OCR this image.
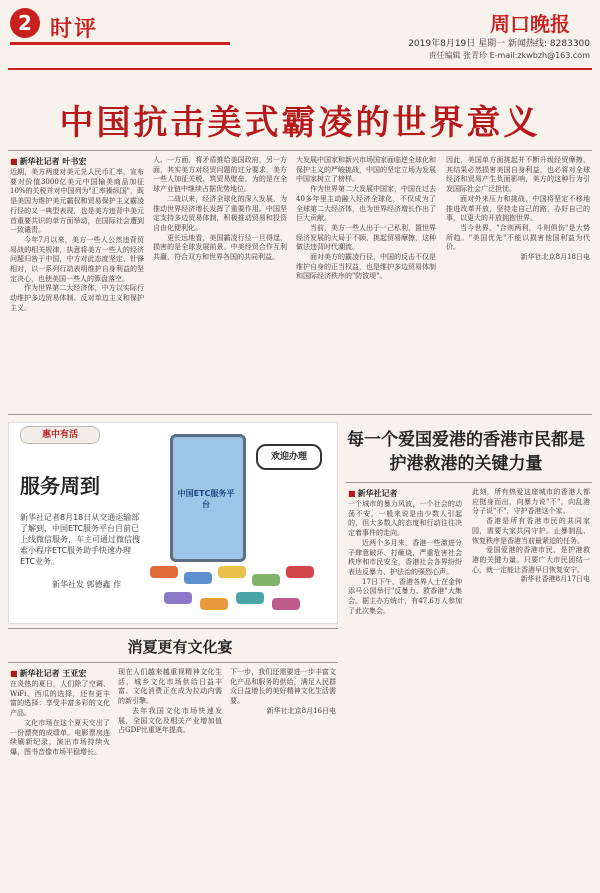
2 时评	周口晚报
2019年8月19日 星期一 新闻热线: 8283300
责任编辑 张青珍 E-mail:zkwbzh@163.com
中国抗击美式霸凌的世界意义
■ 新华社记者 叶书宏

近期，美方两度对美元兑人民币汇率，宣布要对价值3000亿美元中国输美商品加征10%的关税并对中国列为"汇率操纵国"，既是美国为维护美元霸权和贸易保护主义霸凌行径的又一典型表现，也是美方违背中美元首重要共识的单方面举动，在国际社会遭到一致谴责。

今年7月以来，美方一些人公然违背贸易战的相关规律，执意将美方一些人的经济问题归咎于中国，中方对此态度坚定、针锋相对，以一系列行动表明维护自身利益的坚定决心，也使美国一些人的算盘落空。

作为世界第二大经济体，中方以实际行动维护多边贸易体制、反对单边主义和保护主义。

人、一方面，将矛盾推给美国政府，另一方面，其实美方对经贸问题的过分要求，美方一些人加征关税、筑贸易壁垒，为的是在全球产业链中继续占据优势地位。

二战以来，经济全球化的深入发展，为推动世界经济增长发挥了重要作用。中国坚定支持多边贸易体制，积极推动贸易和投资自由化便利化。

更长远地看，美国霸凌行径一旦得逞，损害的是全球发展前景。中美经贸合作互利共赢，符合双方和世界各国的共同利益。

大发展中国家和新兴市场国家面临逆全球化和保护主义的严峻挑战，中国的坚定立场为发展中国家树立了榜样。

作为世界第二大发展中国家，中国在过去40多年里主动融入经济全球化，不仅成为了全球第二大经济体，也为世界经济增长作出了巨大贡献。

当前，美方一些人出于一己私利，置世界经济发展的大局于不顾，挑起贸易摩擦，这种做法违背时代潮流。

面对美方的霸凌行径，中国的反击不仅是维护自身的正当权益，也是维护多边贸易体制和国际经济秩序的"防波堤"。

因此，美国单方面挑起并不断升级经贸摩擦，其结果必然损害美国自身利益，也必将对全球经济和贸易产生负面影响，美方的这种行为引发国际社会广泛担忧。

面对外来压力和挑战，中国将坚定不移地推进改革开放，坚持走自己的路，办好自己的事，以更大的开放拥抱世界。

当今世界，"合则两利，斗则俱伤"是大势所趋。"美国优先"不能以损害他国利益为代价。

新华社北京8月18日电

惠中有活
服务周到
新华社记者8月18日从交通运输部了解到，中国ETC服务平台目前已上线微信服务，车主可通过微信搜索小程序ETC服务助手快速办理ETC业务。
新华社发 郭德鑫 作
中国ETC服务平台
欢迎办理
每一个爱国爱港的香港市民都是护港救港的关键力量
■ 新华社记者

一个城市的暴力风波，一个社会的动荡不安，一般来说是由少数人引起的，但大多数人的态度和行动往往决定着事件的走向。

近两个多月来，香港一些激进分子肆意破坏、打砸烧，严重危害社会秩序和市民安全，香港社会各界纷纷表达反暴力、护法治的强烈心声。

17日下午，香港各界人士在金钟添马公园举行"反暴力、救香港"大集会。据主办方统计，有47.6万人参加了此次集会。

此刻，所有热爱这座城市的香港人都应挺身而出，向暴力说"不"，向乱港分子说"不"，守护香港这个家。

香港是所有香港市民的共同家园，需要大家共同守护。止暴制乱、恢复秩序是香港当前最紧迫的任务。

爱国爱港的香港市民，是护港救港的关键力量。只要广大市民团结一心，就一定能让香港早日恢复安宁。

新华社香港8月17日电

消夏更有文化宴
■ 新华社记者 王亚宏

在炎热的夏日，人们除了空调、WiFi、西瓜的选择，还有更丰富的选择：享受丰富多彩的文化产品。

文化市场在这个夏天交出了一份漂亮的成绩单。电影票房连续刷新纪录，演出市场持续火爆，图书音像市场平稳增长。

现在人们越来越重视精神文化生活，城乡文化市场供给日益丰富。文化消费正在成为拉动内需的新引擎。

去年我国文化市场快速发展，全国文化及相关产业增加值占GDP比重逐年提高。

下一步，我们还需要进一步丰富文化产品和服务的供给，满足人民群众日益增长的美好精神文化生活需要。

新华社北京8月16日电
